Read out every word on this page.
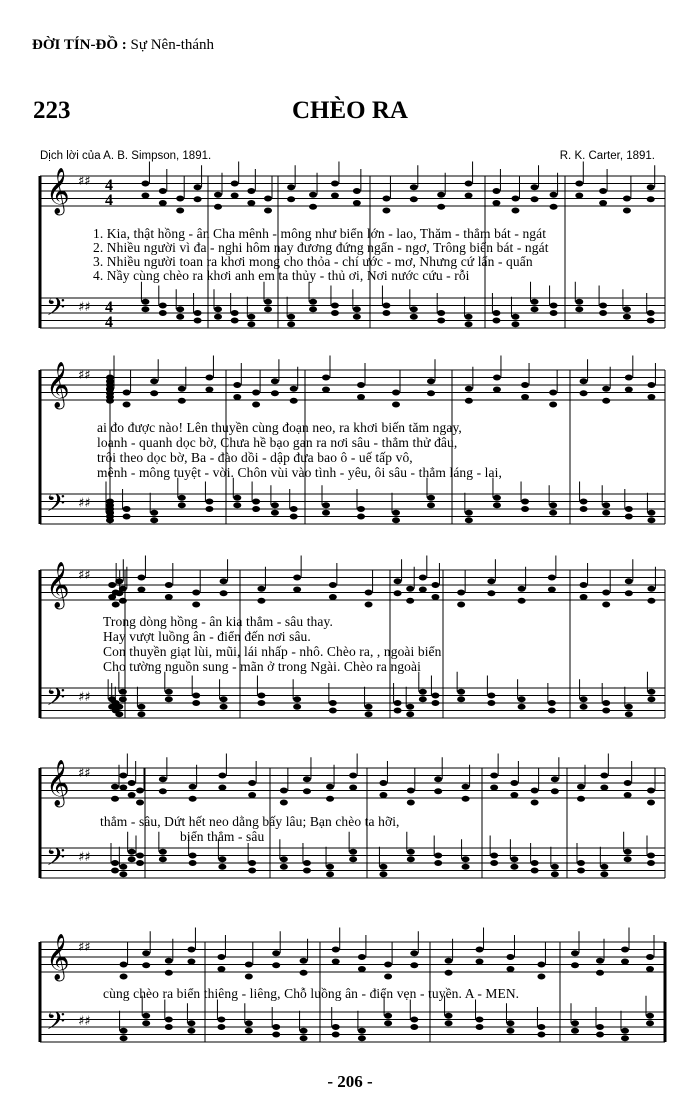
ĐỜI TÍN-ĐỒ : Sự Nên-thánh
223	CHÈO RA
Dịch lời của A. B. Simpson, 1891.	R. K. Carter, 1891.
𝄞 ♯♯ 4
4
𝄢 ♯♯ 4
4
𝄞 ♯♯
𝄢 ♯♯
𝄞 ♯♯
𝄢 ♯♯
𝄞 ♯♯
𝄢 ♯♯
𝄞 ♯♯
𝄢 ♯♯
1. Kia, thật hồng - ân Cha mênh - mông như biển lớn - lao, Thăm - thẳm bát - ngát
2. Nhiều người vì đa - nghi hôm nay đương đứng ngẩn - ngơ, Trông biển bát - ngát
3. Nhiều người toan ra khơi mong cho thỏa - chí ước - mơ, Nhưng cứ lẩn - quẩn
4. Nầy cùng chèo ra khơi anh em ta thủy - thủ ơi, Nơi nước cứu - rỗi
ai đo được nào! Lên thuyền cùng đoạn neo, ra khơi biến tăm ngay,
loanh - quanh dọc bờ, Chưa hề bạo gan ra nơi sâu - thẳm thử đâu,
trôi theo dọc bờ, Ba - đào dồi - dập đưa bao ô - uế tấp vô,
mênh - mông tuyệt - vời. Chôn vùi vào tình - yêu, ôi sâu - thẳm láng - lai,
Trong dòng hồng - ân kia thẳm - sâu thay.
Hay vượt luồng ân - điển đến nơi sâu.
Con thuyền giạt lùi, mũi, lái nhấp - nhô. Chèo ra, , ngoài biển
Cho tường nguồn sung - mãn ở trong Ngài. Chèo ra ngoài
thẳm - sâu, Dứt hết neo dằng bấy lâu; Bạn chèo ta hỡi,
biển thẳm - sâu
cùng chèo ra biển thiêng - liêng, Chỗ luồng ân - điển vẹn - tuyền. A - MEN.
- 206 -
